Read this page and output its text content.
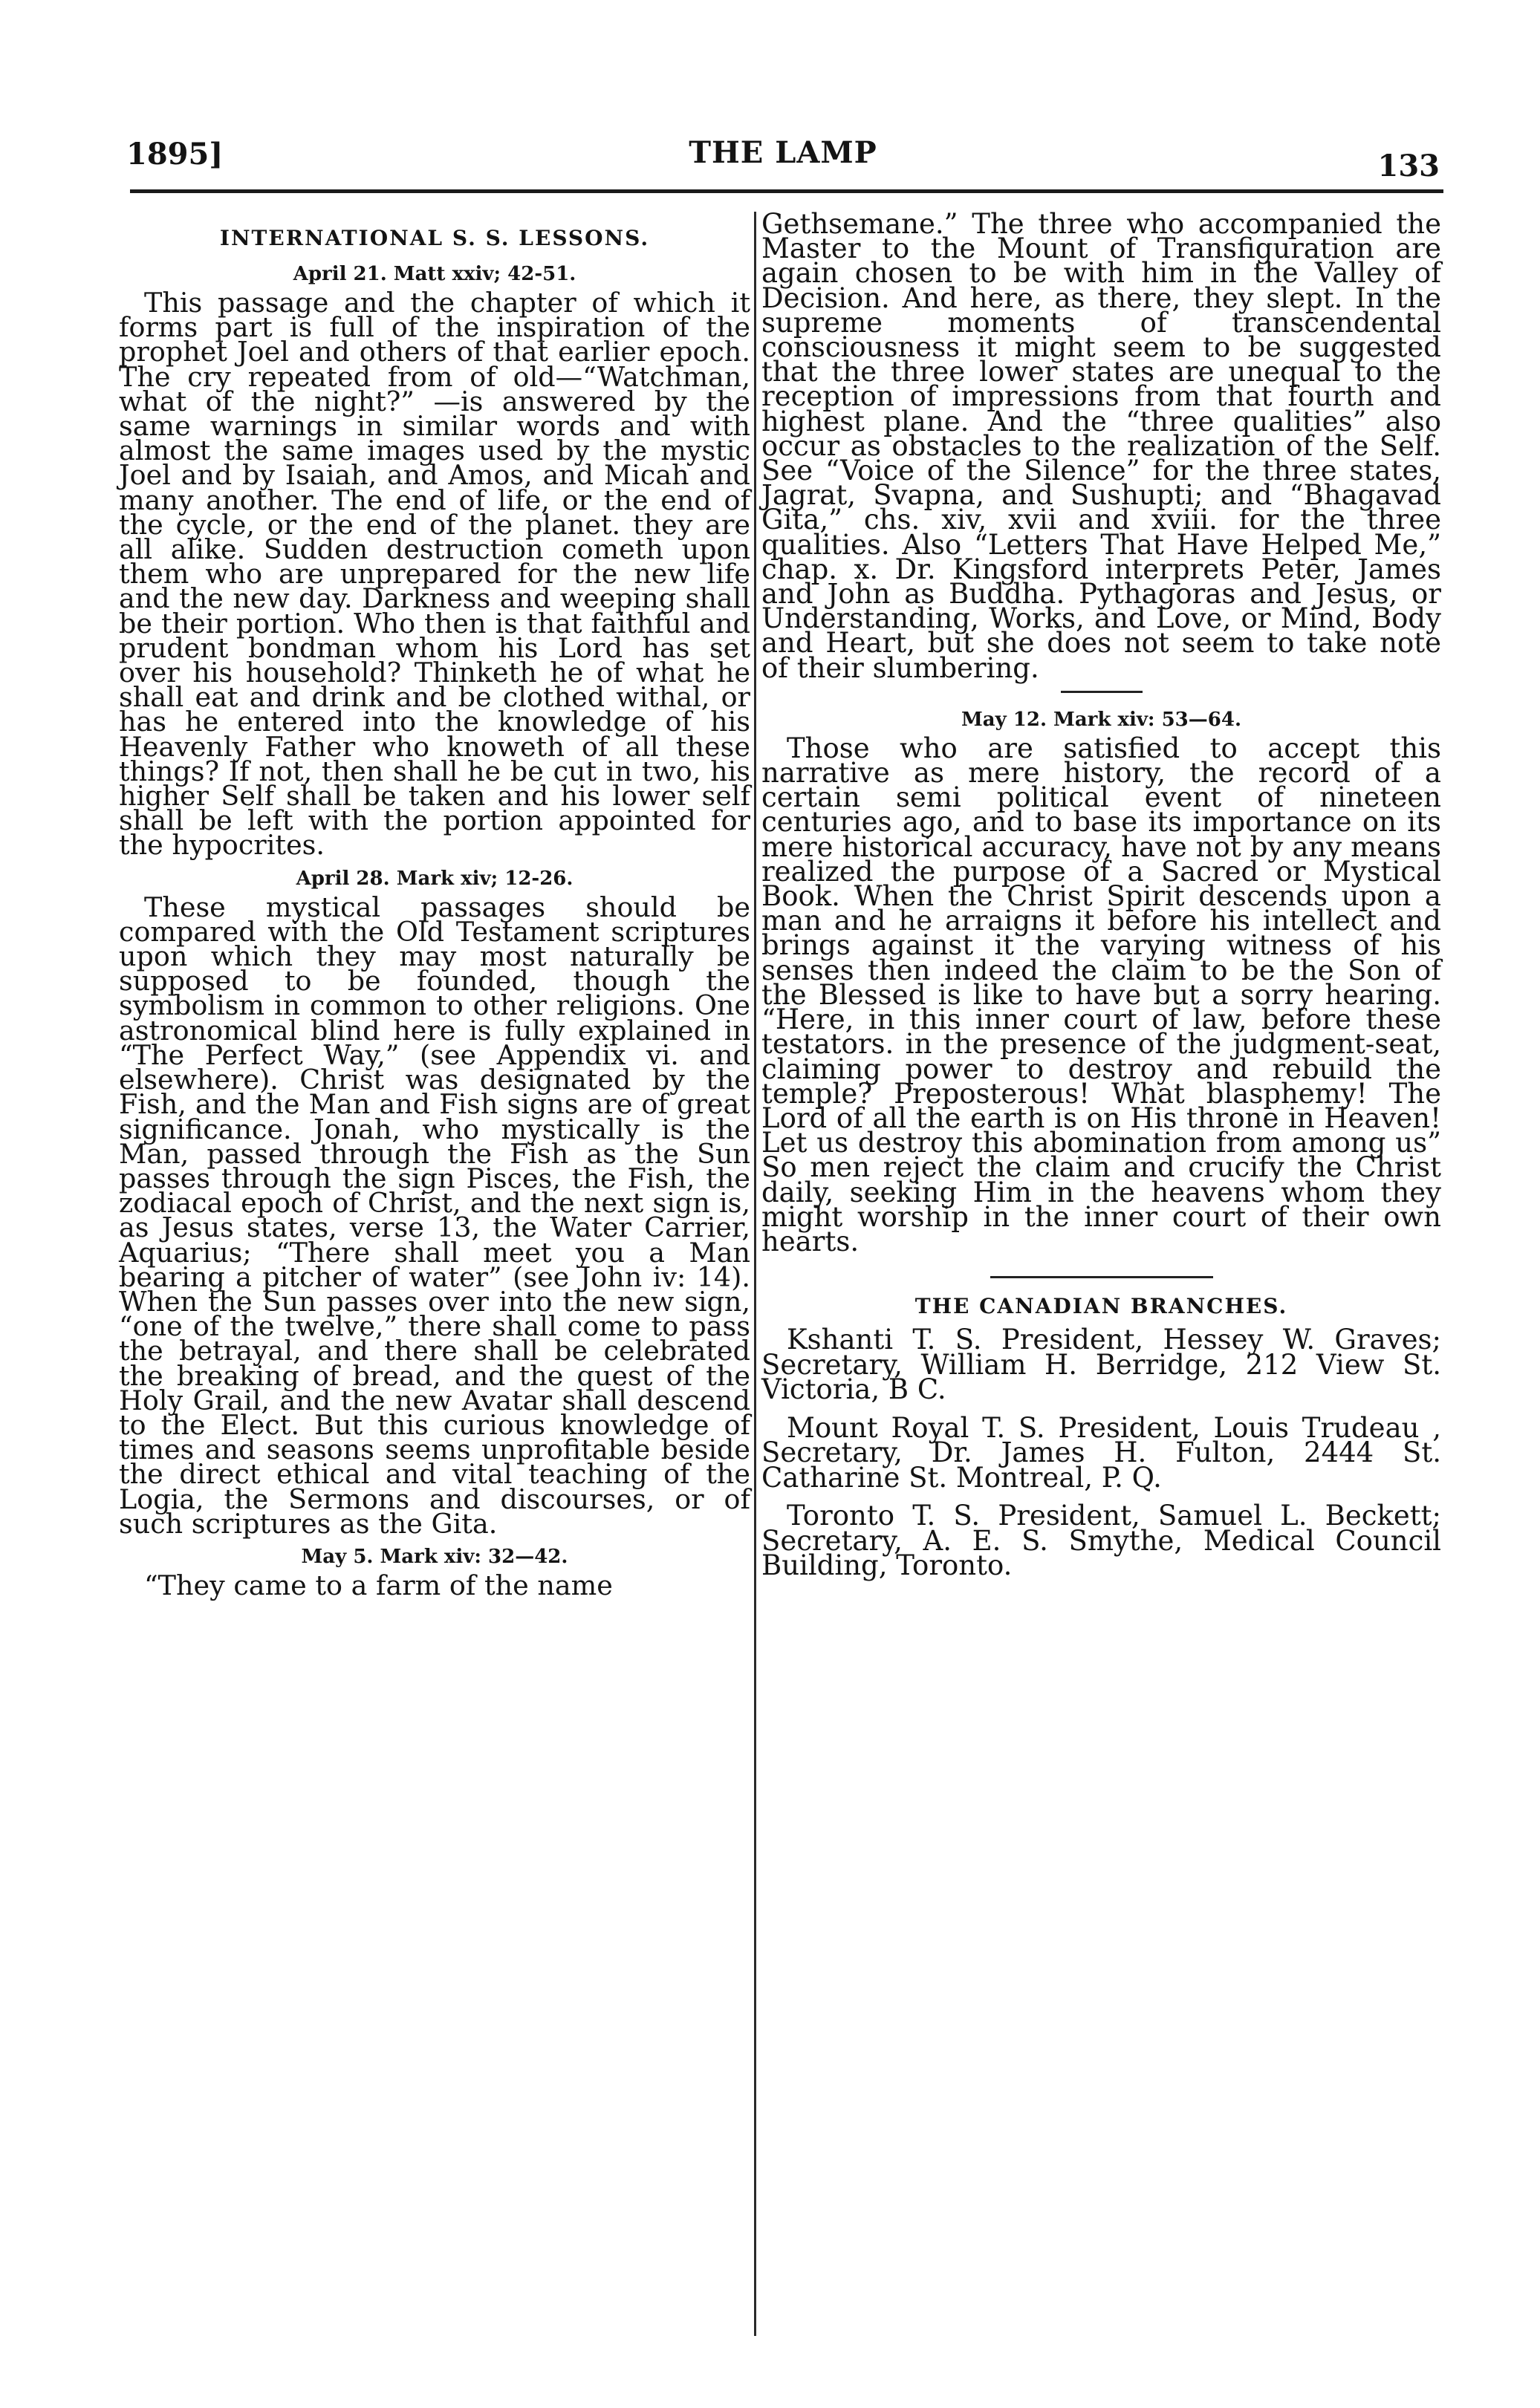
1895]	THE LAMP	133
INTERNATIONAL S. S. LESSONS.
April 21. Matt xxiv; 42-51.

This passage and the chapter of which it forms part is full of the inspiration of the prophet Joel and others of that earlier epoch. The cry repeated from of old—“Watchman, what of the night?” —is answered by the same warnings in similar words and with almost the same images used by the mystic Joel and by Isaiah, and Amos, and Micah and many another. The end of life, or the end of the cycle, or the end of the planet. they are all alike. Sudden destruction cometh upon them who are unprepared for the new life and the new day. Darkness and weeping shall be their portion. Who then is that faithful and prudent bondman whom his Lord has set over his household? Thinketh he of what he shall eat and drink and be clothed withal, or has he entered into the knowledge of his Heavenly Father who knoweth of all these things? If not, then shall he be cut in two, his higher Self shall be taken and his lower self shall be left with the portion appointed for the hypocrites.

April 28. Mark xiv; 12-26.

These mystical passages should be compared with the Old Testament scriptures upon which they may most naturally be supposed to be founded, though the symbolism in common to other religions. One astronomical blind here is fully explained in “The Perfect Way,” (see Appendix vi. and elsewhere). Christ was designated by the Fish, and the Man and Fish signs are of great significance. Jonah, who mystically is the Man, passed through the Fish as the Sun passes through the sign Pisces, the Fish, the zodiacal epoch of Christ, and the next sign is, as Jesus states, verse 13, the Water Carrier, Aquarius; “There shall meet you a Man bearing a pitcher of water” (see John iv: 14). When the Sun passes over into the new sign, “one of the twelve,” there shall come to pass the betrayal, and there shall be celebrated the breaking of bread, and the quest of the Holy Grail, and the new Avatar shall descend to the Elect. But this curious knowledge of times and seasons seems unprofitable beside the direct ethical and vital teaching of the Logia, the Sermons and discourses, or of such scriptures as the Gita.

May 5. Mark xiv: 32—42.

“They came to a farm of the name

Gethsemane.” The three who accompanied the Master to the Mount of Transfiguration are again chosen to be with him in the Valley of Decision. And here, as there, they slept. In the supreme moments of transcendental consciousness it might seem to be suggested that the three lower states are unequal to the reception of impressions from that fourth and highest plane. And the “three qualities” also occur as obstacles to the realization of the Self. See “Voice of the Silence” for the three states, Jagrat, Svapna, and Sushupti; and “Bhagavad Gita,” chs. xiv, xvii and xviii. for the three qualities. Also “Letters That Have Helped Me,” chap. x. Dr. Kingsford interprets Peter, James and John as Buddha. Pythagoras and Jesus, or Understanding, Works, and Love, or Mind, Body and Heart, but she does not seem to take note of their slumbering.

May 12. Mark xiv: 53—64.

Those who are satisfied to accept this narrative as mere history, the record of a certain semi political event of nineteen centuries ago, and to base its importance on its mere historical accuracy, have not by any means realized the purpose of a Sacred or Mystical Book. When the Christ Spirit descends upon a man and he arraigns it before his intellect and brings against it the varying witness of his senses then indeed the claim to be the Son of the Blessed is like to have but a sorry hearing. “Here, in this inner court of law, before these testators. in the presence of the judgment-seat, claiming power to destroy and rebuild the temple? Preposterous! What blasphemy! The Lord of all the earth is on His throne in Heaven! Let us destroy this abomination from among us” So men reject the claim and crucify the Christ daily, seeking Him in the heavens whom they might worship in the inner court of their own hearts.

THE CANADIAN BRANCHES.

Kshanti T. S. President, Hessey W. Graves; Secretary, William H. Berridge, 212 View St. Victoria, B C.

Mount Royal T. S. President, Louis Trudeau , Secretary, Dr. James H. Fulton, 2444 St. Catharine St. Montreal, P. Q.

Toronto T. S. President, Samuel L. Beckett; Secretary, A. E. S. Smythe, Medical Council Building, Toronto.
